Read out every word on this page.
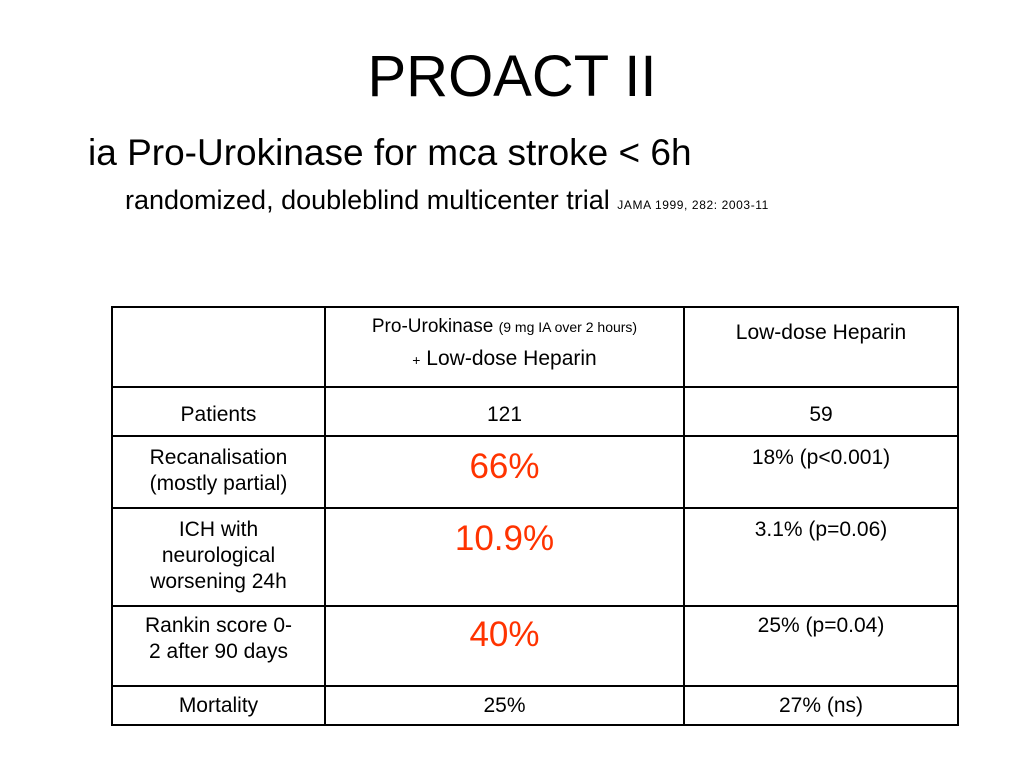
PROACT II
ia Pro-Urokinase for mca stroke < 6h
randomized, doubleblind multicenter trial JAMA 1999, 282: 2003-11

	Pro-Urokinase (9 mg IA over 2 hours)
+ Low-dose Heparin	Low-dose Heparin

Patients	121	59
Recanalisation
(mostly partial)	66%	18% (p<0.001)
ICH with
neurological
worsening 24h	10.9%	3.1% (p=0.06)
Rankin score 0-
2 after 90 days	40%	25% (p=0.04)
Mortality	25%	27% (ns)
